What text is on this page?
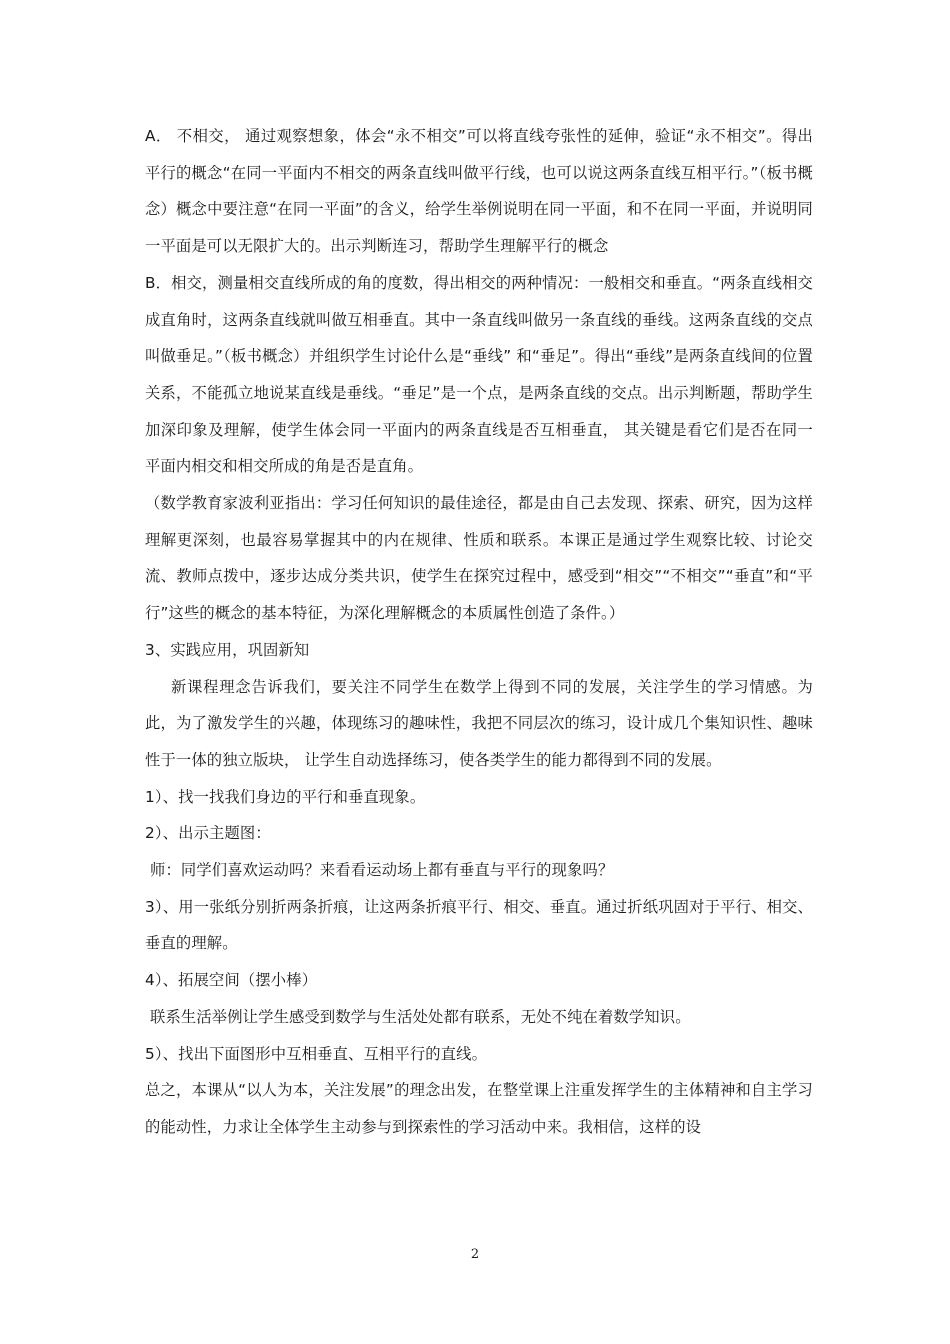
A． 不相交， 通过观察想象，体会“永不相交”可以将直线夸张性的延伸，验证“永不相交”。得出平行的概念“在同一平面内不相交的两条直线叫做平行线，也可以说这两条直线互相平行。”（板书概念）概念中要注意“在同一平面”的含义，给学生举例说明在同一平面，和不在同一平面，并说明同一平面是可以无限扩大的。出示判断连习，帮助学生理解平行的概念

B．相交，测量相交直线所成的角的度数，得出相交的两种情况：一般相交和垂直。“两条直线相交成直角时，这两条直线就叫做互相垂直。其中一条直线叫做另一条直线的垂线。这两条直线的交点叫做垂足。”（板书概念）并组织学生讨论什么是“垂线” 和“垂足”。得出“垂线”是两条直线间的位置关系，不能孤立地说某直线是垂线。“垂足”是一个点，是两条直线的交点。出示判断题，帮助学生加深印象及理解，使学生体会同一平面内的两条直线是否互相垂直， 其关键是看它们是否在同一平面内相交和相交所成的角是否是直角。

（数学教育家波利亚指出：学习任何知识的最佳途径，都是由自己去发现、探索、研究，因为这样理解更深刻，也最容易掌握其中的内在规律、性质和联系。本课正是通过学生观察比较、讨论交流、教师点拨中，逐步达成分类共识，使学生在探究过程中，感受到“相交”“不相交”“垂直”和“平行”这些的概念的基本特征，为深化理解概念的本质属性创造了条件。）

3、实践应用，巩固新知

新课程理念告诉我们，要关注不同学生在数学上得到不同的发展，关注学生的学习情感。为此，为了激发学生的兴趣，体现练习的趣味性，我把不同层次的练习，设计成几个集知识性、趣味性于一体的独立版块， 让学生自动选择练习，使各类学生的能力都得到不同的发展。

1）、找一找我们身边的平行和垂直现象。

2）、出示主题图：

师：同学们喜欢运动吗？来看看运动场上都有垂直与平行的现象吗？

3）、用一张纸分别折两条折痕，让这两条折痕平行、相交、垂直。通过折纸巩固对于平行、相交、垂直的理解。

4）、拓展空间（摆小棒）

联系生活举例让学生感受到数学与生活处处都有联系，无处不纯在着数学知识。

5）、找出下面图形中互相垂直、互相平行的直线。

总之，本课从“以人为本，关注发展”的理念出发，在整堂课上注重发挥学生的主体精神和自主学习的能动性，力求让全体学生主动参与到探索性的学习活动中来。我相信，这样的设

2
